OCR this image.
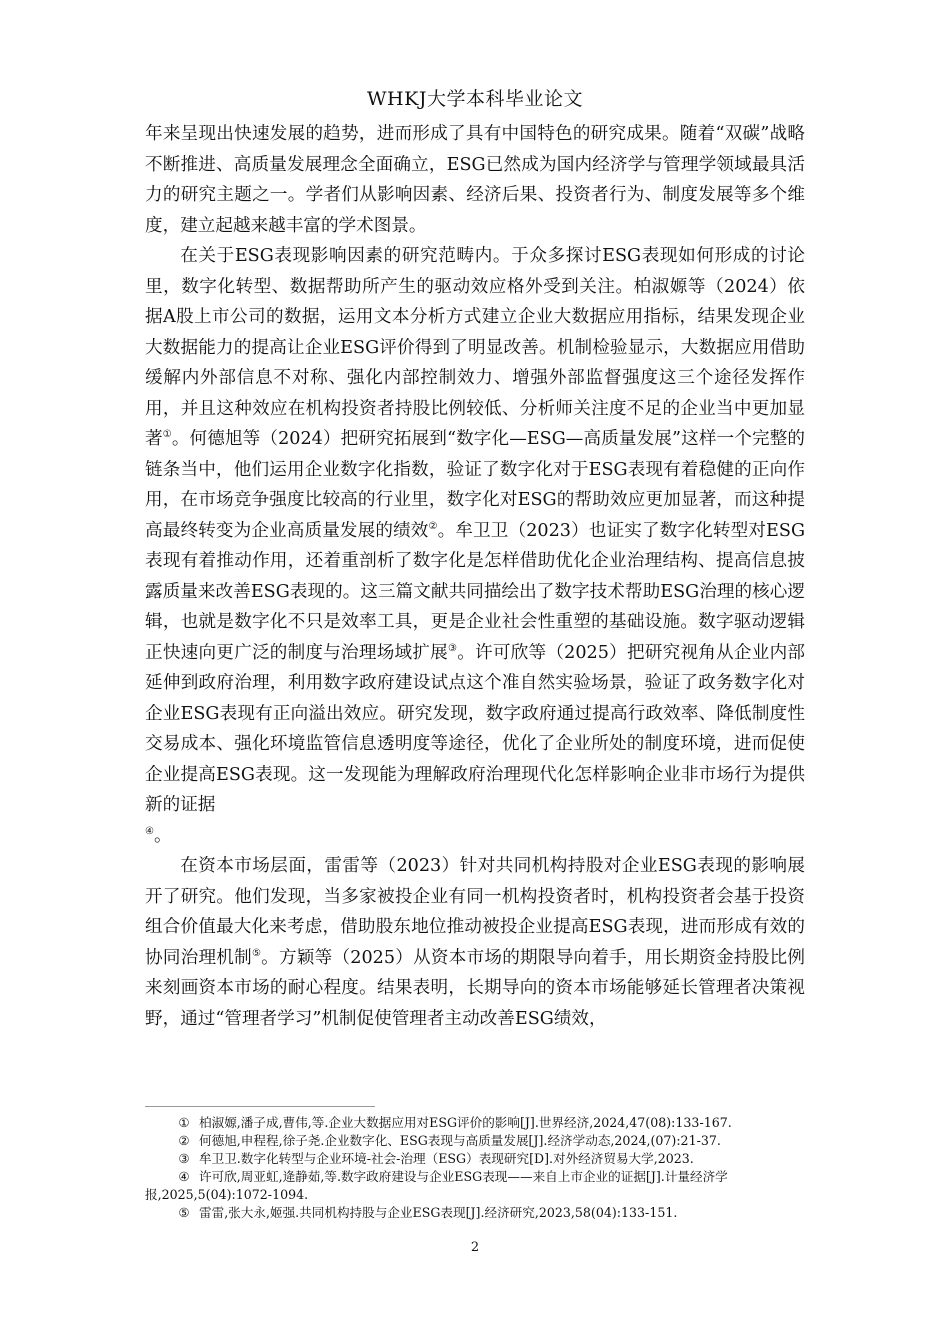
WHKJ大学本科毕业论文

年来呈现出快速发展的趋势，进而形成了具有中国特色的研究成果。随着“双碳”战略不断推进、高质量发展理念全面确立，ESG已然成为国内经济学与管理学领域最具活力的研究主题之一。学者们从影响因素、经济后果、投资者行为、制度发展等多个维度，建立起越来越丰富的学术图景。

在关于ESG表现影响因素的研究范畴内。于众多探讨ESG表现如何形成的讨论里，数字化转型、数据帮助所产生的驱动效应格外受到关注。柏淑嫄等（2024）依据A股上市公司的数据，运用文本分析方式建立企业大数据应用指标，结果发现企业大数据能力的提高让企业ESG评价得到了明显改善。机制检验显示，大数据应用借助缓解内外部信息不对称、强化内部控制效力、增强外部监督强度这三个途径发挥作用，并且这种效应在机构投资者持股比例较低、分析师关注度不足的企业当中更加显著①。何德旭等（2024）把研究拓展到“数字化—ESG—高质量发展”这样一个完整的链条当中，他们运用企业数字化指数，验证了数字化对于ESG表现有着稳健的正向作用，在市场竞争强度比较高的行业里，数字化对ESG的帮助效应更加显著，而这种提高最终转变为企业高质量发展的绩效②。牟卫卫（2023）也证实了数字化转型对ESG表现有着推动作用，还着重剖析了数字化是怎样借助优化企业治理结构、提高信息披露质量来改善ESG表现的。这三篇文献共同描绘出了数字技术帮助ESG治理的核心逻辑，也就是数字化不只是效率工具，更是企业社会性重塑的基础设施。数字驱动逻辑正快速向更广泛的制度与治理场域扩展③。许可欣等（2025）把研究视角从企业内部延伸到政府治理，利用数字政府建设试点这个准自然实验场景，验证了政务数字化对企业ESG表现有正向溢出效应。研究发现，数字政府通过提高行政效率、降低制度性交易成本、强化环境监管信息透明度等途径，优化了企业所处的制度环境，进而促使企业提高ESG表现。这一发现能为理解政府治理现代化怎样影响企业非市场行为提供新的证据
④。

在资本市场层面，雷雷等（2023）针对共同机构持股对企业ESG表现的影响展开了研究。他们发现，当多家被投企业有同一机构投资者时，机构投资者会基于投资组合价值最大化来考虑，借助股东地位推动被投企业提高ESG表现，进而形成有效的协同治理机制⑤。方颖等（2025）从资本市场的期限导向着手，用长期资金持股比例来刻画资本市场的耐心程度。结果表明，长期导向的资本市场能够延长管理者决策视野，通过“管理者学习”机制促使管理者主动改善ESG绩效，

① 柏淑嫄,潘子成,曹伟,等.企业大数据应用对ESG评价的影响[J].世界经济,2024,47(08):133-167.
② 何德旭,申程程,徐子尧.企业数字化、ESG表现与高质量发展[J].经济学动态,2024,(07):21-37.
③ 牟卫卫.数字化转型与企业环境-社会-治理（ESG）表现研究[D].对外经济贸易大学,2023.
④ 许可欣,周亚虹,逄静茹,等.数字政府建设与企业ESG表现——来自上市企业的证据[J].计量经济学
报,2025,5(04):1072-1094.
⑤ 雷雷,张大永,姬强.共同机构持股与企业ESG表现[J].经济研究,2023,58(04):133-151.
2
